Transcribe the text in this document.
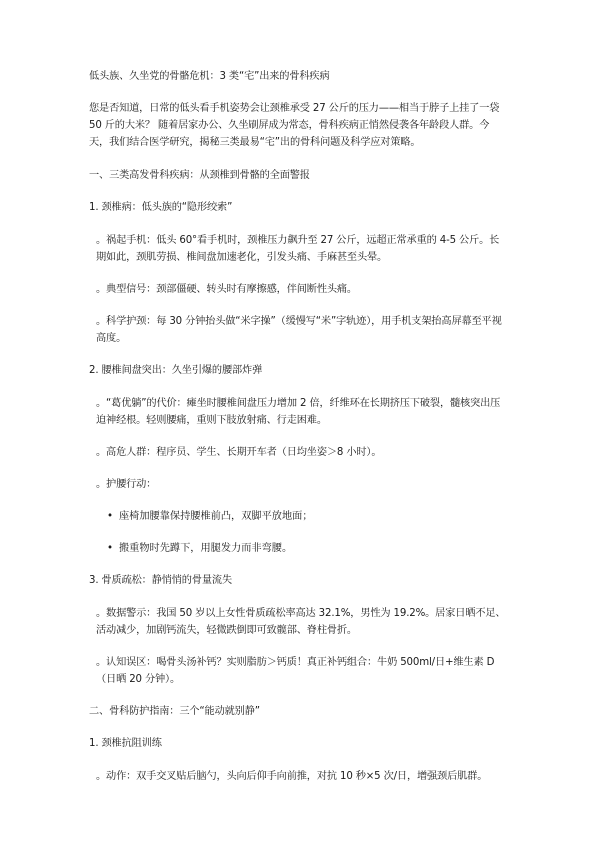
低头族、久坐党的骨骼危机：3 类“宅”出来的骨科疾病

您是否知道，日常的低头看手机姿势会让颈椎承受 27 公斤的压力——相当于脖子上挂了一袋 50 斤的大米？ 随着居家办公、久坐刷屏成为常态，骨科疾病正悄然侵袭各年龄段人群。今天，我们结合医学研究，揭秘三类最易“宅”出的骨科问题及科学应对策略。

一、三类高发骨科疾病：从颈椎到骨骼的全面警报

1. 颈椎病：低头族的“隐形绞索”

。祸起手机：低头 60°看手机时，颈椎压力飙升至 27 公斤，远超正常承重的 4-5 公斤。长期如此，颈肌劳损、椎间盘加速老化，引发头痛、手麻甚至头晕。

。典型信号：颈部僵硬、转头时有摩擦感，伴间断性头痛。

。科学护颈：每 30 分钟抬头做“米字操”（缓慢写“米”字轨迹），用手机支架抬高屏幕至平视高度。

2. 腰椎间盘突出：久坐引爆的腰部炸弹

。“葛优躺”的代价：瘫坐时腰椎间盘压力增加 2 倍，纤维环在长期挤压下破裂，髓核突出压迫神经根。轻则腰痛，重则下肢放射痛、行走困难。

。高危人群：程序员、学生、长期开车者（日均坐姿＞8 小时）。

。护腰行动：

• 座椅加腰靠保持腰椎前凸，双脚平放地面；
• 搬重物时先蹲下，用腿发力而非弯腰。

3. 骨质疏松：静悄悄的骨量流失

。数据警示：我国 50 岁以上女性骨质疏松率高达 32.1%，男性为 19.2%。居家日晒不足、活动减少，加剧钙流失，轻微跌倒即可致髋部、脊柱骨折。

。认知误区：喝骨头汤补钙？实则脂肪＞钙质！真正补钙组合：牛奶 500ml/日+维生素 D（日晒 20 分钟）。

二、骨科防护指南：三个“能动就别静”

1. 颈椎抗阻训练

。动作：双手交叉贴后脑勺，头向后仰手向前推，对抗 10 秒×5 次/日，增强颈后肌群。
